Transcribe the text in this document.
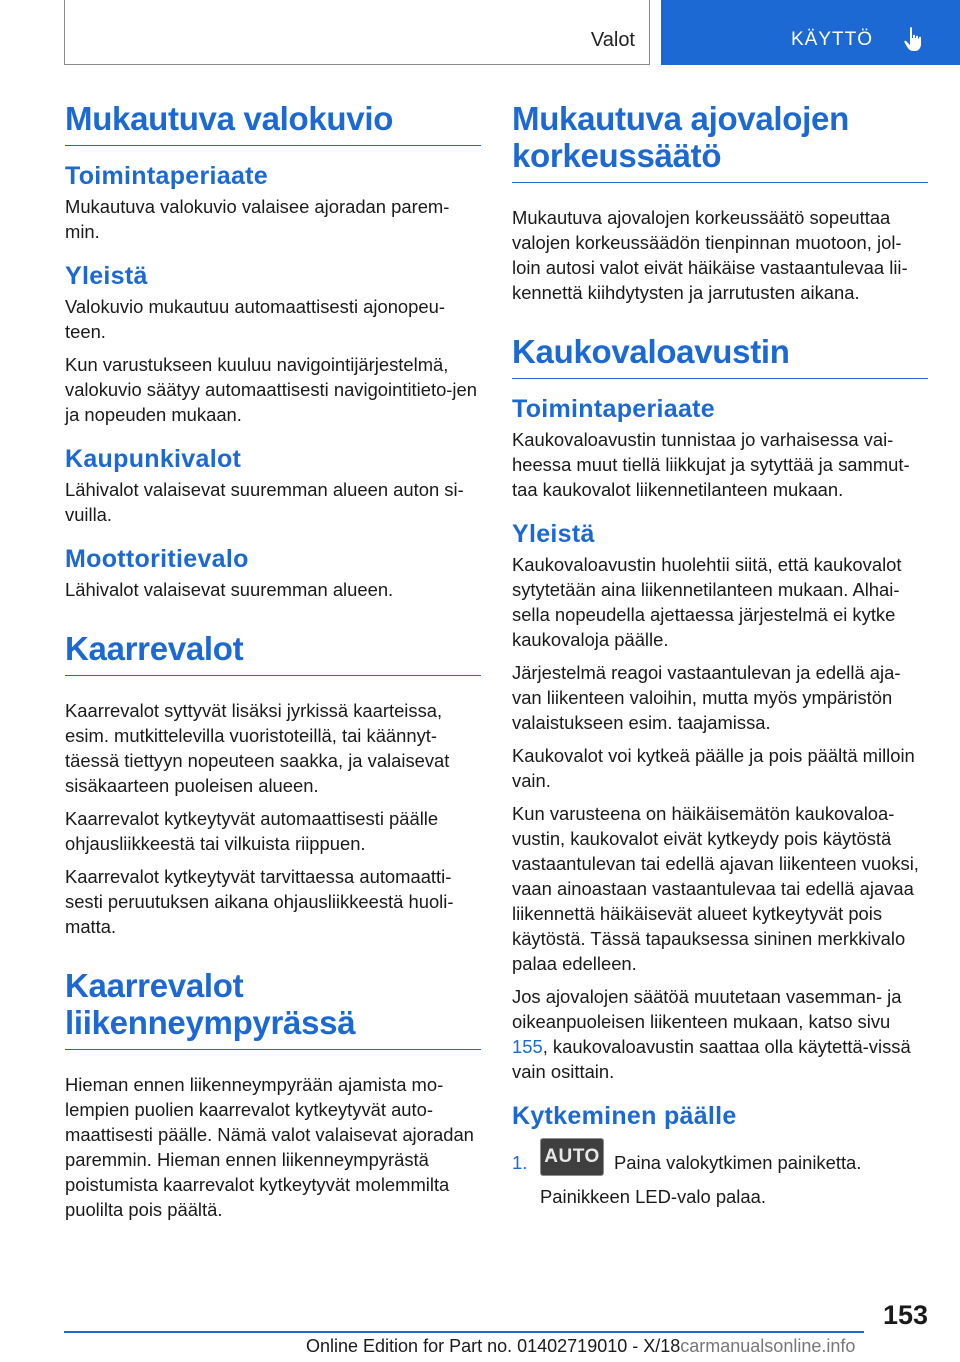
Valot	KÄYTTÖ
Mukautuva valokuvio
Toimintaperiaate

Mukautuva valokuvio valaisee ajoradan parem‐min.

Yleistä

Valokuvio mukautuu automaattisesti ajonopeu‐teen.

Kun varustukseen kuuluu navigointijärjestelmä, valokuvio säätyy automaattisesti navigointitieto‐jen ja nopeuden mukaan.

Kaupunkivalot

Lähivalot valaisevat suuremman alueen auton si‐vuilla.

Moottoritievalo

Lähivalot valaisevat suuremman alueen.

Kaarrevalot

Kaarrevalot syttyvät lisäksi jyrkissä kaarteissa, esim. mutkittelevilla vuoristoteillä, tai käännyt‐täessä tiettyyn nopeuteen saakka, ja valaisevat sisäkaarteen puoleisen alueen.

Kaarrevalot kytkeytyvät automaattisesti päälle ohjausliikkeestä tai vilkuista riippuen.

Kaarrevalot kytkeytyvät tarvittaessa automaatti‐sesti peruutuksen aikana ohjausliikkeestä huoli‐matta.

Kaarrevalot liikenneympyrässä

Hieman ennen liikenneympyrään ajamista mo‐lempien puolien kaarrevalot kytkeytyvät auto‐maattisesti päälle. Nämä valot valaisevat ajoradan paremmin. Hieman ennen liikenneympyrästä poistumista kaarrevalot kytkeytyvät molemmilta puolilta pois päältä.

Mukautuva ajovalojen korkeussäätö

Mukautuva ajovalojen korkeussäätö sopeuttaa valojen korkeussäädön tienpinnan muotoon, jol‐loin autosi valot eivät häikäise vastaantulevaa lii‐kennettä kiihdytysten ja jarrutusten aikana.

Kaukovaloavustin
Toimintaperiaate

Kaukovaloavustin tunnistaa jo varhaisessa vai‐heessa muut tiellä liikkujat ja sytyttää ja sammut‐taa kaukovalot liikennetilanteen mukaan.

Yleistä

Kaukovaloavustin huolehtii siitä, että kaukovalot sytytetään aina liikennetilanteen mukaan. Alhai‐sella nopeudella ajettaessa järjestelmä ei kytke kaukovaloja päälle.

Järjestelmä reagoi vastaantulevan ja edellä aja‐van liikenteen valoihin, mutta myös ympäristön valaistukseen esim. taajamissa.

Kaukovalot voi kytkeä päälle ja pois päältä milloin vain.

Kun varusteena on häikäisemätön kaukovaloa‐vustin, kaukovalot eivät kytkeydy pois käytöstä vastaantulevan tai edellä ajavan liikenteen vuoksi, vaan ainoastaan vastaantulevaa tai edellä ajavaa liikennettä häikäisevät alueet kytkeytyvät pois käytöstä. Tässä tapauksessa sininen merkkivalo palaa edelleen.

Jos ajovalojen säätöä muutetaan vasemman- ja oikeanpuoleisen liikenteen mukaan, katso sivu 155, kaukovaloavustin saattaa olla käytettä‐vissä vain osittain.

Kytkeminen päälle
1. AUTO Paina valokytkimen painiketta.

Painikkeen LED-valo palaa.

153
Online Edition for Part no. 01402719010 - X/18carmanualsonline.info
